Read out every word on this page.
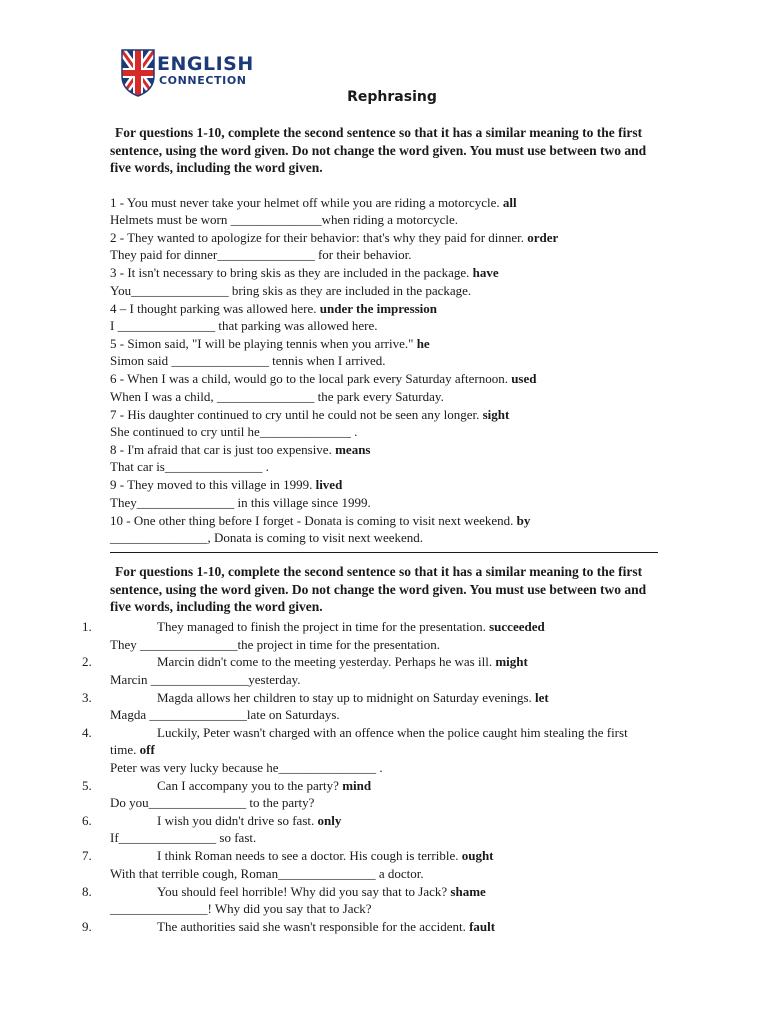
ENGLISH
CONNECTION
Rephrasing
For questions 1-10, complete the second sentence so that it has a similar meaning to the first
sentence, using the word given. Do not change the word given. You must use between two and
five words, including the word given.
1 - You must never take your helmet off while you are riding a motorcycle. all
Helmets must be worn ______________when riding a motorcycle.
2 - They wanted to apologize for their behavior: that's why they paid for dinner. order
They paid for dinner_______________ for their behavior.
3 - It isn't necessary to bring skis as they are included in the package. have
You_______________ bring skis as they are included in the package.
4 – I thought parking was allowed here. under the impression
I _______________ that parking was allowed here.
5 - Simon said, "I will be playing tennis when you arrive." he
Simon said _______________ tennis when I arrived.
6 - When I was a child, would go to the local park every Saturday afternoon. used
When I was a child, _______________ the park every Saturday.
7 - His daughter continued to cry until he could not be seen any longer. sight
She continued to cry until he______________ .
8 - I'm afraid that car is just too expensive. means
That car is_______________ .
9 - They moved to this village in 1999. lived
They_______________ in this village since 1999.
10 - One other thing before I forget - Donata is coming to visit next weekend. by
_______________, Donata is coming to visit next weekend.
For questions 1-10, complete the second sentence so that it has a similar meaning to the first
sentence, using the word given. Do not change the word given. You must use between two and
five words, including the word given.
1.	They managed to finish the project in time for the presentation. succeeded
They _______________the project in time for the presentation.
2.	Marcin didn't come to the meeting yesterday. Perhaps he was ill. might
Marcin _______________yesterday.
3.	Magda allows her children to stay up to midnight on Saturday evenings. let
Magda _______________late on Saturdays.
4.	Luckily, Peter wasn't charged with an offence when the police caught him stealing the first
time. off
Peter was very lucky because he_______________ .
5.	Can I accompany you to the party? mind
Do you_______________ to the party?
6.	I wish you didn't drive so fast. only
If_______________ so fast.
7.	I think Roman needs to see a doctor. His cough is terrible. ought
With that terrible cough, Roman_______________ a doctor.
8.	You should feel horrible! Why did you say that to Jack? shame
_______________! Why did you say that to Jack?
9.	The authorities said she wasn't responsible for the accident. fault
